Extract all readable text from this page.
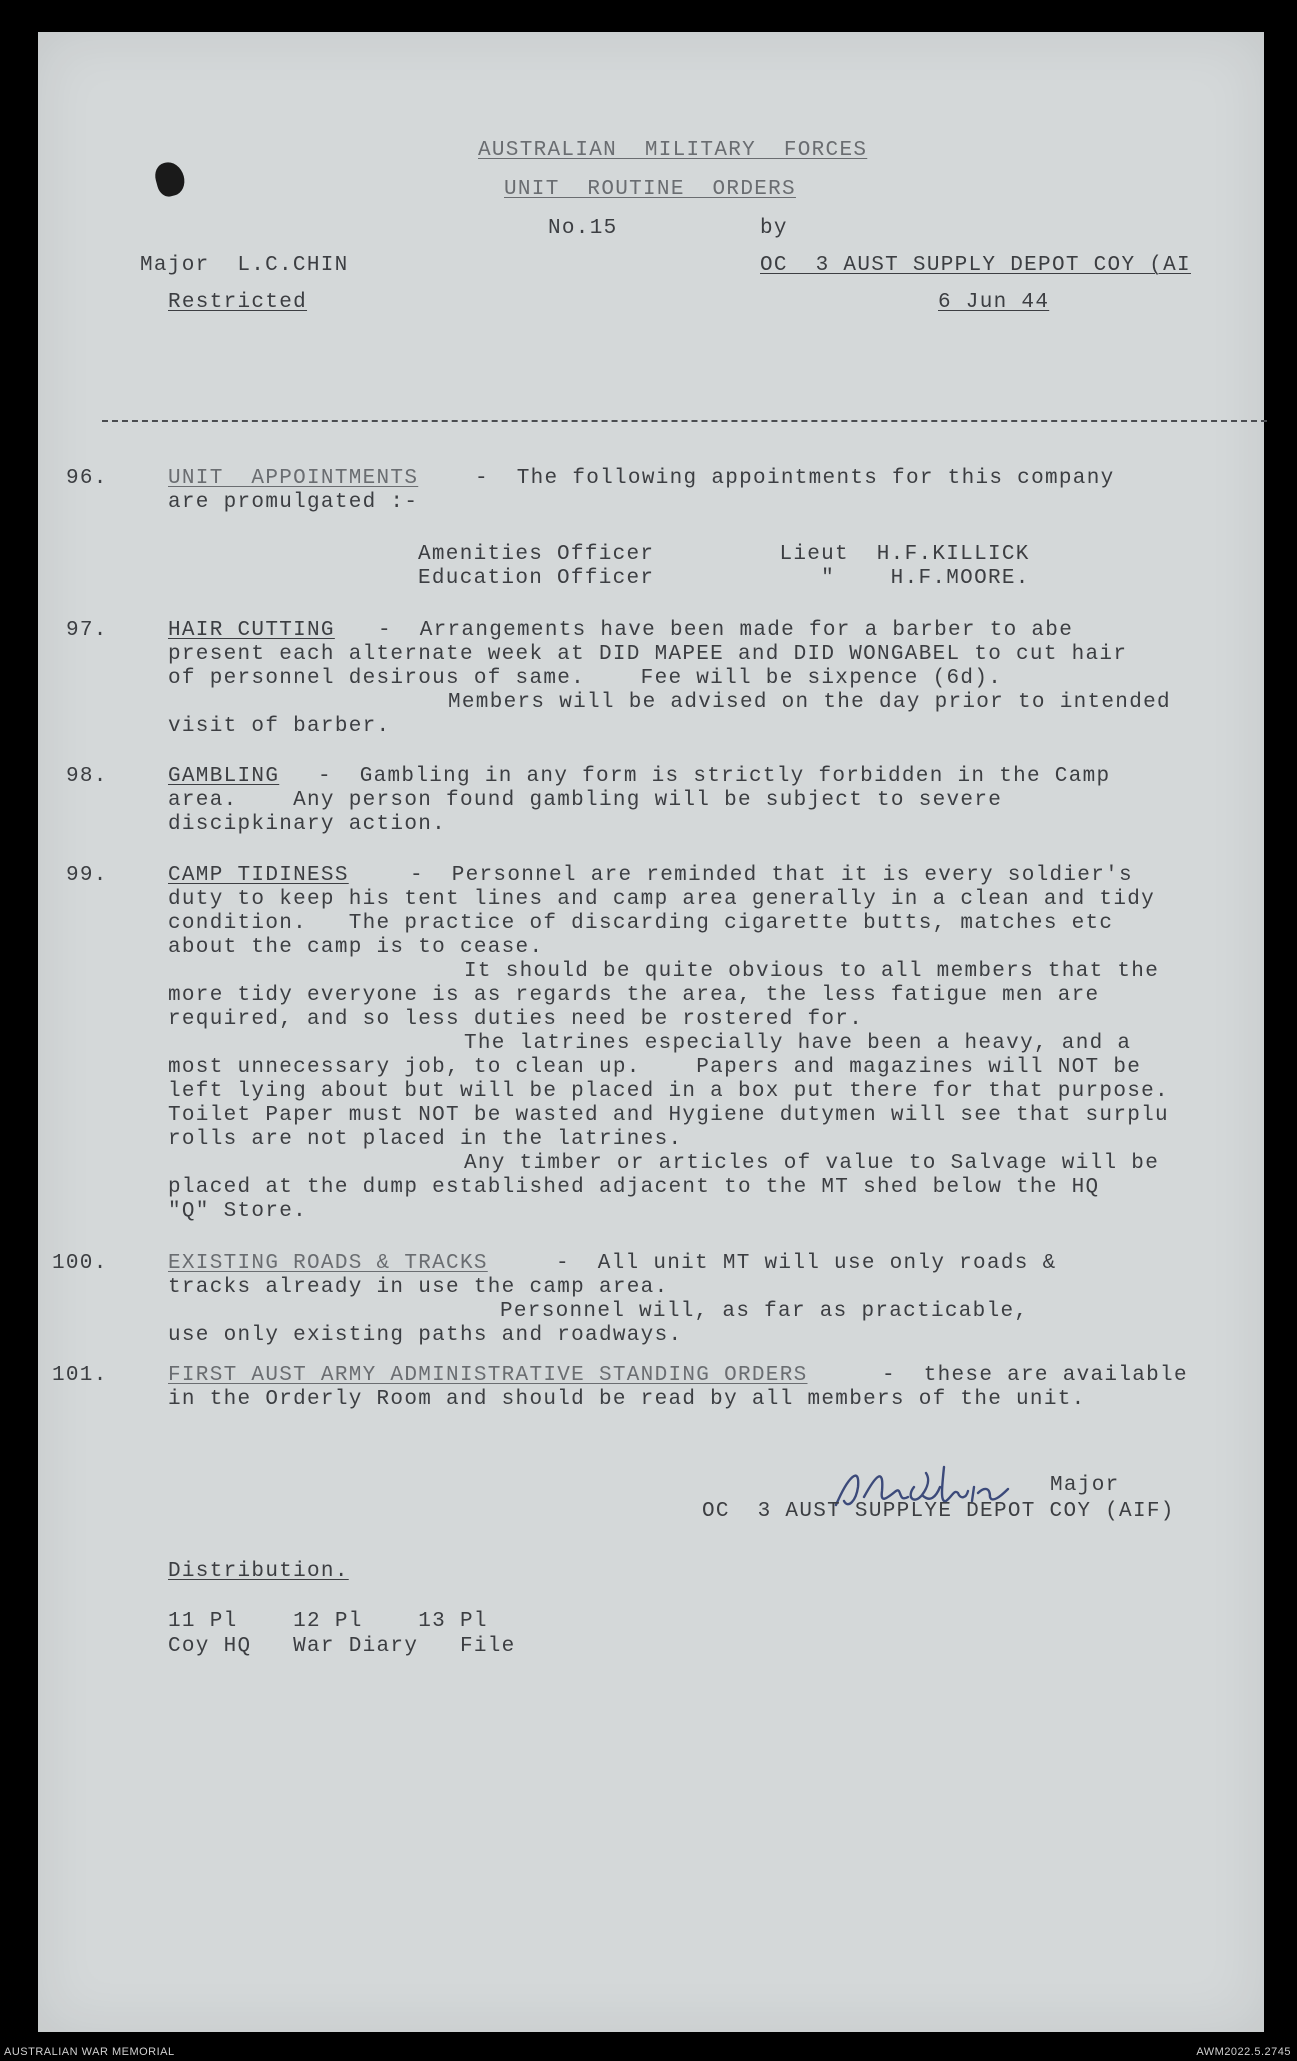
AUSTRALIAN  MILITARY  FORCES
UNIT  ROUTINE  ORDERS
No.15	by
Major  L.C.CHIN	OC  3 AUST SUPPLY DEPOT COY (AI
Restricted	6 Jun 44
96.	UNIT  APPOINTMENTS	-  The following appointments for this company
are promulgated :-
Amenities Officer         Lieut  H.F.KILLICK
Education Officer            "    H.F.MOORE.
97.	HAIR CUTTING -  Arrangements have been made for a barber to abe
present each alternate week at DID MAPEE and DID WONGABEL to cut hair
of personnel desirous of same.    Fee will be sixpence (6d).
Members will be advised on the day prior to intended
visit of barber.
98.	GAMBLING -  Gambling in any form is strictly forbidden in the Camp
area.    Any person found gambling will be subject to severe
discipkinary action.
99.	CAMP TIDINESS	-  Personnel are reminded that it is every soldier's
duty to keep his tent lines and camp area generally in a clean and tidy
condition.   The practice of discarding cigarette butts, matches etc
about the camp is to cease.
It should be quite obvious to all members that the
more tidy everyone is as regards the area, the less fatigue men are
required, and so less duties need be rostered for.
The latrines especially have been a heavy, and a
most unnecessary job, to clean up.    Papers and magazines will NOT be
left lying about but will be placed in a box put there for that purpose.
Toilet Paper must NOT be wasted and Hygiene dutymen will see that surplu
rolls are not placed in the latrines.
Any timber or articles of value to Salvage will be
placed at the dump established adjacent to the MT shed below the HQ
"Q" Store.
100.	EXISTING ROADS & TRACKS	-  All unit MT will use only roads &
tracks already in use the camp area.
Personnel will, as far as practicable,
use only existing paths and roadways.
101.	FIRST AUST ARMY ADMINISTRATIVE STANDING ORDERS	-  these are available
in the Orderly Room and should be read by all members of the unit.
Major
OC  3 AUST SUPPLYE DEPOT COY (AIF)
Distribution.
11 Pl    12 Pl    13 Pl
Coy HQ   War Diary   File
AUSTRALIAN WAR MEMORIAL	AWM2022.5.2745
